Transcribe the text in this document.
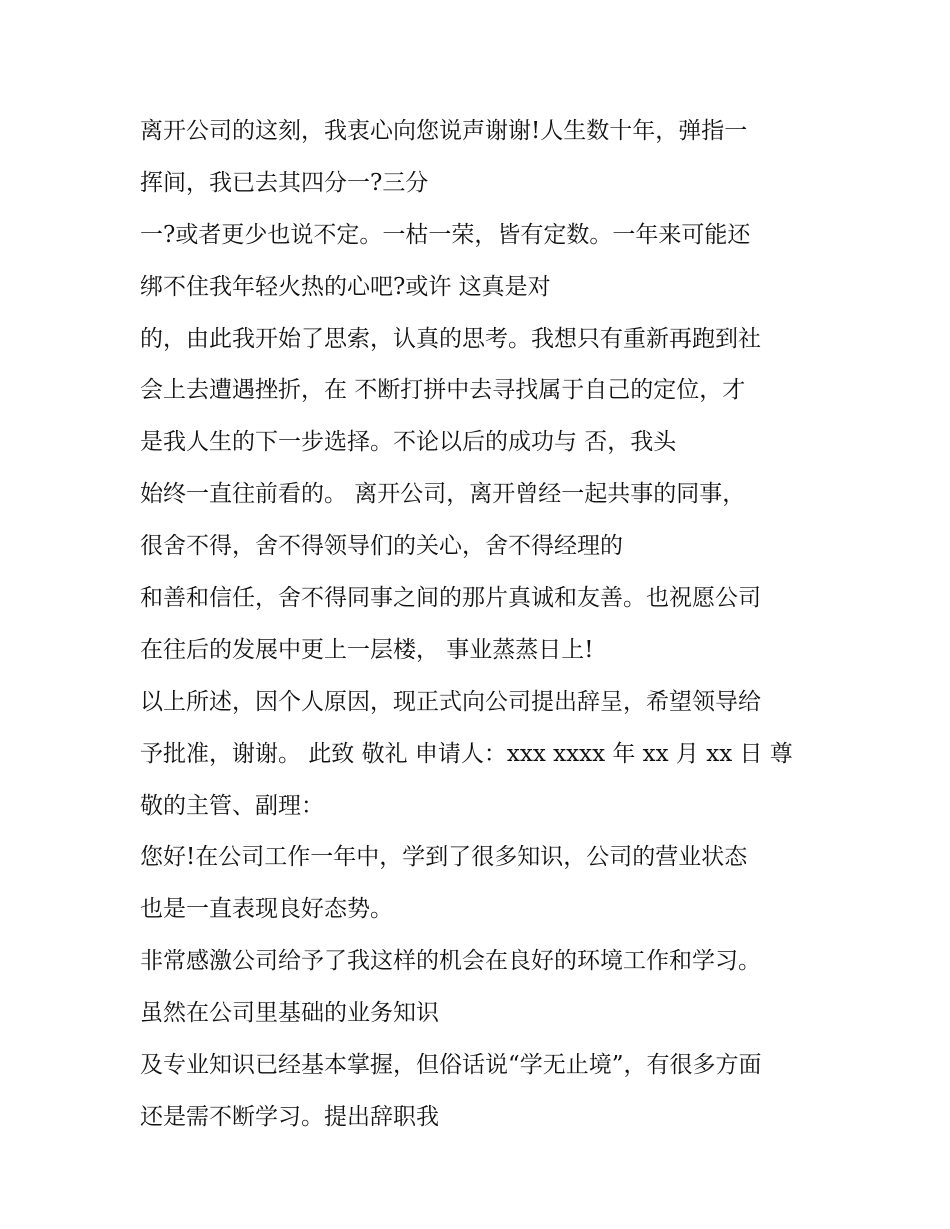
离开公司的这刻，我衷心向您说声谢谢!人生数十年，弹指一
挥间，我已去其四分一?三分
一?或者更少也说不定。一枯一荣，皆有定数。一年来可能还
绑不住我年轻火热的心吧?或许 这真是对
的，由此我开始了思索，认真的思考。我想只有重新再跑到社
会上去遭遇挫折，在 不断打拼中去寻找属于自己的定位，才
是我人生的下一步选择。不论以后的成功与 否，我头
始终一直往前看的。 离开公司，离开曾经一起共事的同事，
很舍不得，舍不得领导们的关心，舍不得经理的
和善和信任，舍不得同事之间的那片真诚和友善。也祝愿公司
在往后的发展中更上一层楼， 事业蒸蒸日上!
以上所述，因个人原因，现正式向公司提出辞呈，希望领导给
予批准，谢谢。 此致 敬礼 申请人：xxx xxxx 年 xx 月 xx 日 尊
敬的主管、副理：
您好!在公司工作一年中，学到了很多知识，公司的营业状态
也是一直表现良好态势。
非常感激公司给予了我这样的机会在良好的环境工作和学习。
虽然在公司里基础的业务知识
及专业知识已经基本掌握，但俗话说“学无止境”，有很多方面
还是需不断学习。提出辞职我
